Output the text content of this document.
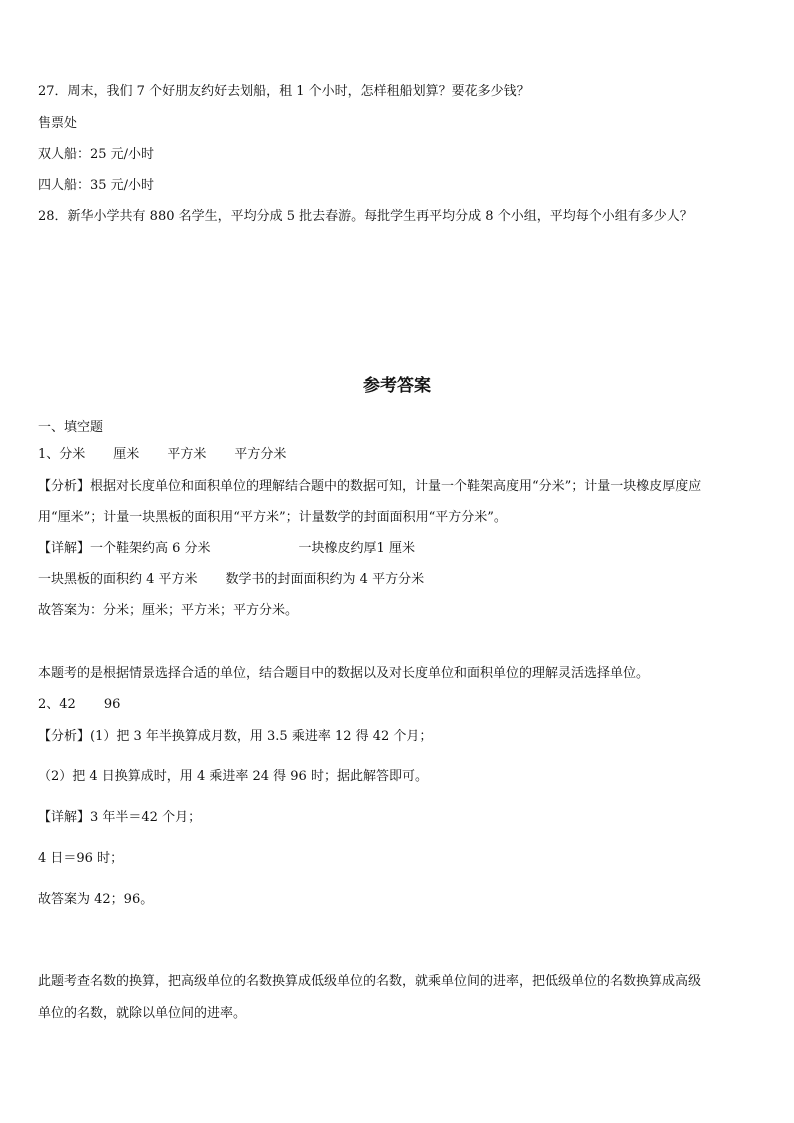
27．周末，我们 7 个好朋友约好去划船，租 1 个小时，怎样租船划算？要花多少钱？
售票处
双人船：25 元/小时
四人船：35 元/小时
28．新华小学共有 880 名学生，平均分成 5 批去春游。每批学生再平均分成 8 个小组，平均每个小组有多少人？
参考答案
一、填空题
1、分米 厘米 平方米 平方分米
【分析】根据对长度单位和面积单位的理解结合题中的数据可知，计量一个鞋架高度用“分米”；计量一块橡皮厚度应
用“厘米”；计量一块黑板的面积用“平方米”；计量数学的封面面积用“平方分米”。
【详解】一个鞋架约高 6 分米	一块橡皮约厚1 厘米
一块黑板的面积约 4 平方米 数学书的封面面积约为 4 平方分米
故答案为：分米；厘米；平方米；平方分米。
本题考的是根据情景选择合适的单位，结合题目中的数据以及对长度单位和面积单位的理解灵活选择单位。
2、42 96
【分析】(1）把 3 年半换算成月数，用 3.5 乘进率 12 得 42 个月；
（2）把 4 日换算成时，用 4 乘进率 24 得 96 时；据此解答即可。
【详解】3 年半＝42 个月；
4 日＝96 时；
故答案为 42；96。
此题考查名数的换算，把高级单位的名数换算成低级单位的名数，就乘单位间的进率，把低级单位的名数换算成高级
单位的名数，就除以单位间的进率。
